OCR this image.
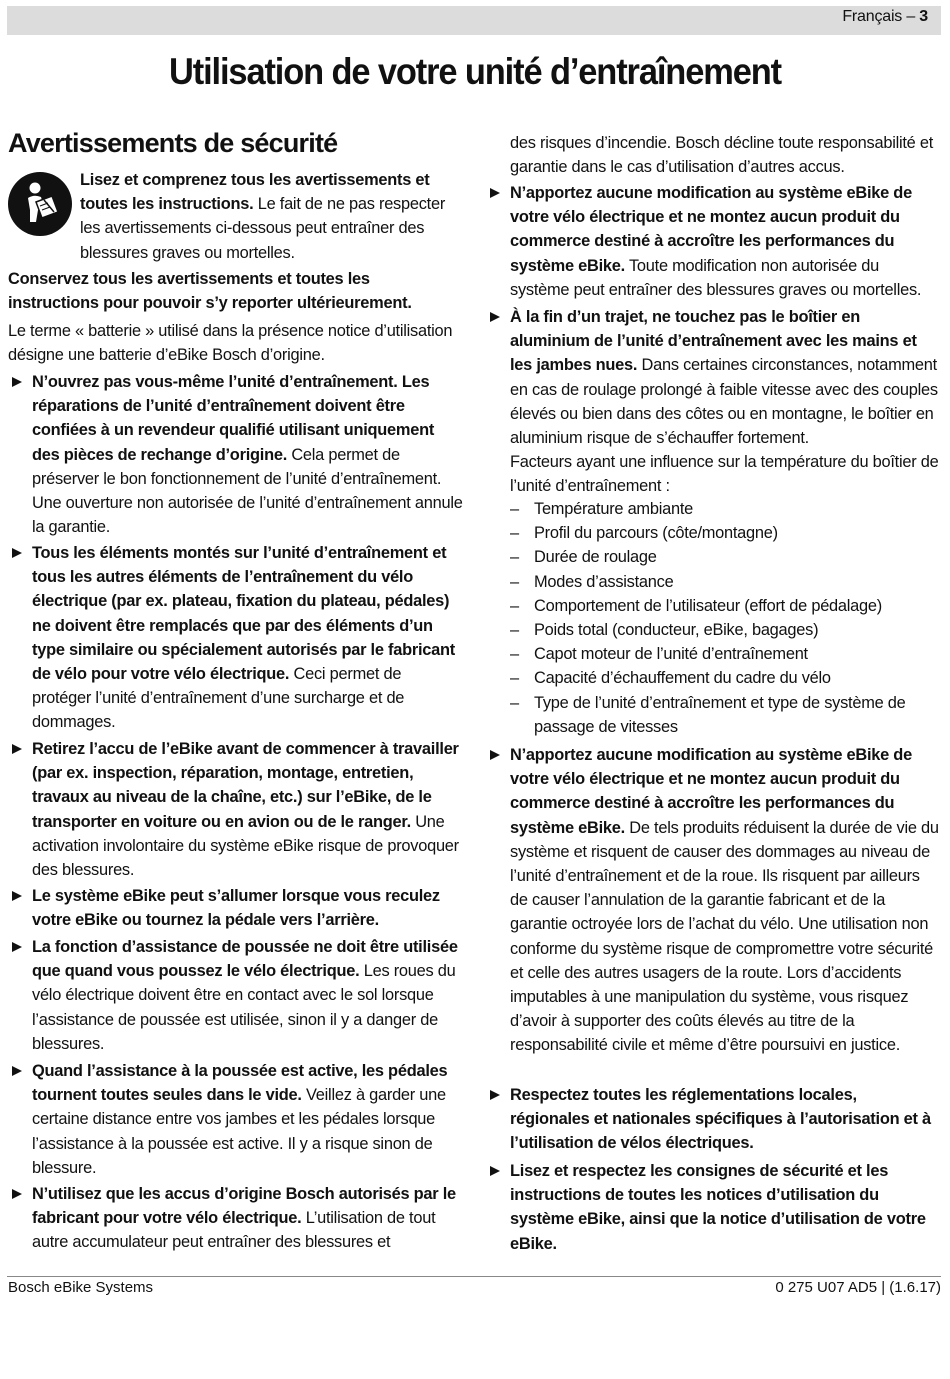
Français – 3
Utilisation de votre unité d’entraînement
Avertissements de sécurité
Lisez et comprenez tous les avertissements et toutes les instructions. Le fait de ne pas respecter les avertissements ci-dessous peut entraîner des blessures graves ou mortelles.
Conservez tous les avertissements et toutes les instructions pour pouvoir s’y reporter ultérieurement.
Le terme « batterie » utilisé dans la présence notice d’utilisation désigne une batterie d’eBike Bosch d’origine.
N’ouvrez pas vous-même l’unité d’entraînement. Les réparations de l’unité d’entraînement doivent être confiées à un revendeur qualifié utilisant uniquement des pièces de rechange d’origine. Cela permet de préserver le bon fonctionnement de l’unité d’entraînement. Une ouverture non autorisée de l’unité d’entraînement annule la garantie.
Tous les éléments montés sur l’unité d’entraînement et tous les autres éléments de l’entraînement du vélo électrique (par ex. plateau, fixation du plateau, pédales) ne doivent être remplacés que par des éléments d’un type similaire ou spécialement autorisés par le fabricant de vélo pour votre vélo électrique. Ceci permet de protéger l’unité d’entraînement d’une surcharge et de dommages.
Retirez l’accu de l’eBike avant de commencer à travailler (par ex. inspection, réparation, montage, entretien, travaux au niveau de la chaîne, etc.) sur l’eBike, de le transporter en voiture ou en avion ou de le ranger. Une activation involontaire du système eBike risque de provoquer des blessures.
Le système eBike peut s’allumer lorsque vous reculez votre eBike ou tournez la pédale vers l’arrière.
La fonction d’assistance de poussée ne doit être utilisée que quand vous poussez le vélo électrique. Les roues du vélo électrique doivent être en contact avec le sol lorsque l’assistance de poussée est utilisée, sinon il y a danger de blessures.
Quand l’assistance à la poussée est active, les pédales tournent toutes seules dans le vide. Veillez à garder une certaine distance entre vos jambes et les pédales lorsque l’assistance à la poussée est active. Il y a risque sinon de blessure.
N’utilisez que les accus d’origine Bosch autorisés par le fabricant pour votre vélo électrique. L’utilisation de tout autre accumulateur peut entraîner des blessures et
des risques d’incendie. Bosch décline toute responsabilité et garantie dans le cas d’utilisation d’autres accus.
N’apportez aucune modification au système eBike de votre vélo électrique et ne montez aucun produit du commerce destiné à accroître les performances du système eBike. Toute modification non autorisée du système peut entraîner des blessures graves ou mortelles.
À la fin d’un trajet, ne touchez pas le boîtier en aluminium de l’unité d’entraînement avec les mains et les jambes nues. Dans certaines circonstances, notamment en cas de roulage prolongé à faible vitesse avec des couples élevés ou bien dans des côtes ou en montagne, le boîtier en aluminium risque de s’échauffer fortement.
Facteurs ayant une influence sur la température du boîtier de l’unité d’entraînement :
– Température ambiante
– Profil du parcours (côte/montagne)
– Durée de roulage
– Modes d’assistance
– Comportement de l’utilisateur (effort de pédalage)
– Poids total (conducteur, eBike, bagages)
– Capot moteur de l’unité d’entraînement
– Capacité d’échauffement du cadre du vélo
– Type de l’unité d’entraînement et type de système de passage de vitesses
N’apportez aucune modification au système eBike de votre vélo électrique et ne montez aucun produit du commerce destiné à accroître les performances du système eBike. De tels produits réduisent la durée de vie du système et risquent de causer des dommages au niveau de l’unité d’entraînement et de la roue. Ils risquent par ailleurs de causer l’annulation de la garantie fabricant et de la garantie octroyée lors de l’achat du vélo. Une utilisation non conforme du système risque de compromettre votre sécurité et celle des autres usagers de la route. Lors d’accidents imputables à une manipulation du système, vous risquez d’avoir à supporter des coûts élevés au titre de la responsabilité civile et même d’être poursuivi en justice.
Respectez toutes les réglementations locales, régionales et nationales spécifiques à l’autorisation et à l’utilisation de vélos électriques.
Lisez et respectez les consignes de sécurité et les instructions de toutes les notices d’utilisation du système eBike, ainsi que la notice d’utilisation de votre eBike.
Bosch eBike Systems	0 275 U07 AD5 | (1.6.17)
